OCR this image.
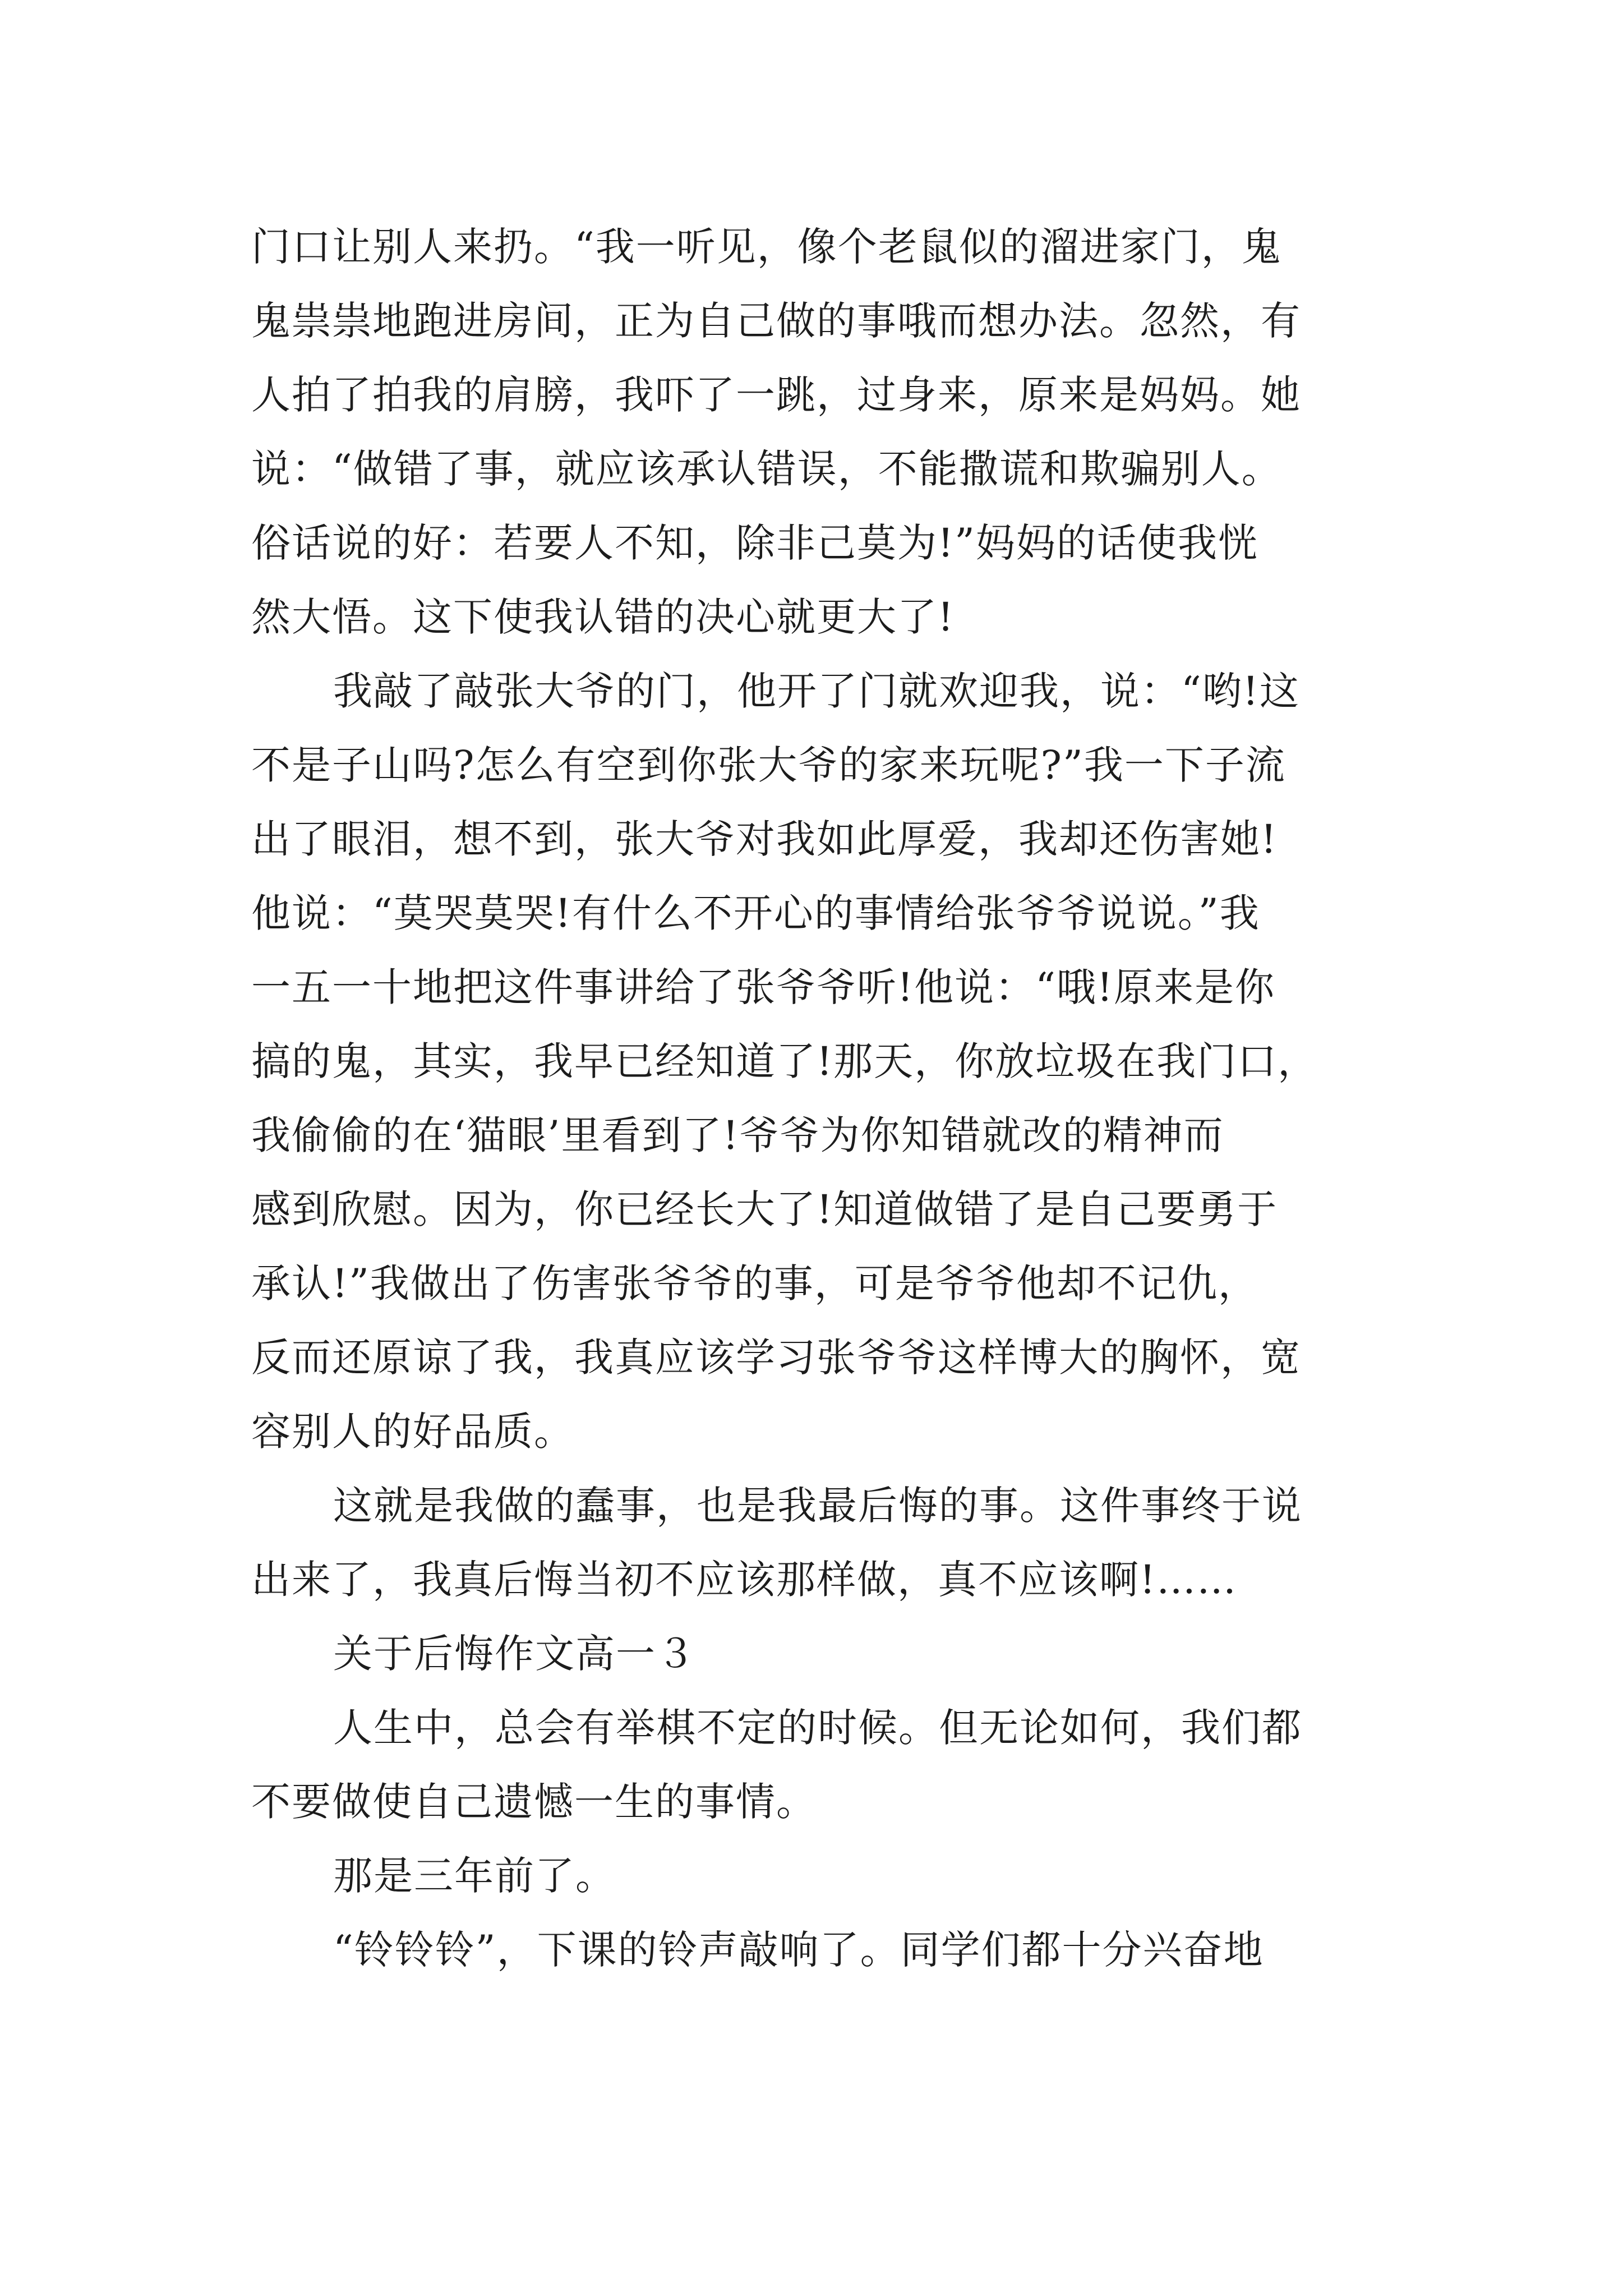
门口让别人来扔。“我一听见，像个老鼠似的溜进家门，鬼
鬼祟祟地跑进房间，正为自己做的事哦而想办法。忽然，有
人拍了拍我的肩膀，我吓了一跳，过身来，原来是妈妈。她
说：“做错了事，就应该承认错误，不能撒谎和欺骗别人。
俗话说的好：若要人不知，除非己莫为!”妈妈的话使我恍
然大悟。这下使我认错的决心就更大了!
我敲了敲张大爷的门，他开了门就欢迎我，说：“哟!这
不是子山吗?怎么有空到你张大爷的家来玩呢?”我一下子流
出了眼泪，想不到，张大爷对我如此厚爱，我却还伤害她!
他说：“莫哭莫哭!有什么不开心的事情给张爷爷说说。”我
一五一十地把这件事讲给了张爷爷听!他说：“哦!原来是你
搞的鬼，其实，我早已经知道了!那天，你放垃圾在我门口，
我偷偷的在‘猫眼’里看到了!爷爷为你知错就改的精神而
感到欣慰。因为，你已经长大了!知道做错了是自己要勇于
承认!”我做出了伤害张爷爷的事，可是爷爷他却不记仇，
反而还原谅了我，我真应该学习张爷爷这样博大的胸怀，宽
容别人的好品质。
这就是我做的蠢事，也是我最后悔的事。这件事终于说
出来了，我真后悔当初不应该那样做，真不应该啊!……
关于后悔作文高一３
人生中，总会有举棋不定的时候。但无论如何，我们都
不要做使自己遗憾一生的事情。
那是三年前了。
“铃铃铃”，下课的铃声敲响了。同学们都十分兴奋地
